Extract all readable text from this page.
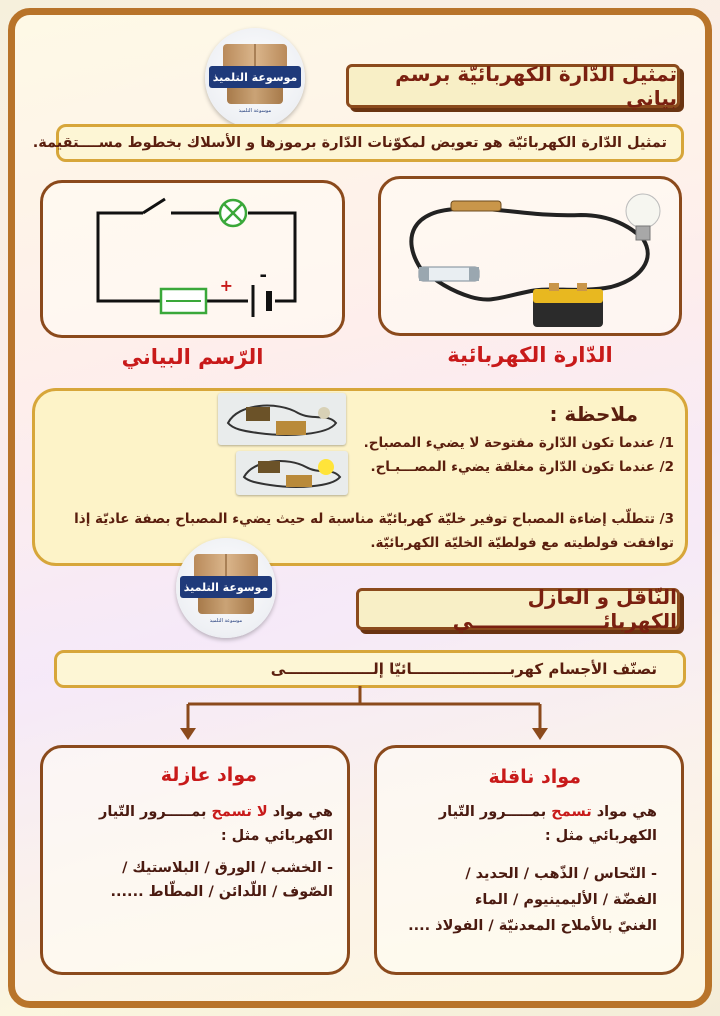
موسوعة التلميذ
موسوعة التلميذ
تمثيل الدّارة الكهربائيّة برسم بياني
تمثيل الدّارة الكهربائيّة هو تعويض لمكوّنات الدّارة برموزها و الأسلاك بخطوط مســــتقيمة.
+ -
الرّسم البياني	الدّارة الكهربائية
ملاحظة :
1/ عندما تكون الدّارة مفتوحة لا يضيء المصباح.
2/ عندما تكون الدّارة مغلقة يضيء المصـــبـاح.
3/ تتطلّب إضاءة المصباح توفير خليّة كهربائيّة مناسبة له حيث يضيء المصباح بصفة عاديّة إذا
توافقت فولطيته مع فولطيّة الخليّة الكهربائيّة.
موسوعة التلميذ
موسوعة التلميذ
النّاقل و العازل الكهربائـــــــــــــــــــي
تصنّف الأجسام كهربـــــــــــــــــــائيّا إلـــــــــــــــــى
مواد عازلة
هي مواد لا تسمح بمـــــرور التّيار
الكهربائي مثل :
- الخشب / الورق / البلاستيك /
الصّوف / اللّدائن / المطّاط ......
مواد ناقلة
هي مواد تسمح بمـــــرور التّيار
الكهربائي مثل :
- النّحاس / الذّهب / الحديد /
الفضّة / الأليمينيوم / الماء
الغنيّ بالأملاح المعدنيّة / الفولاذ ....
